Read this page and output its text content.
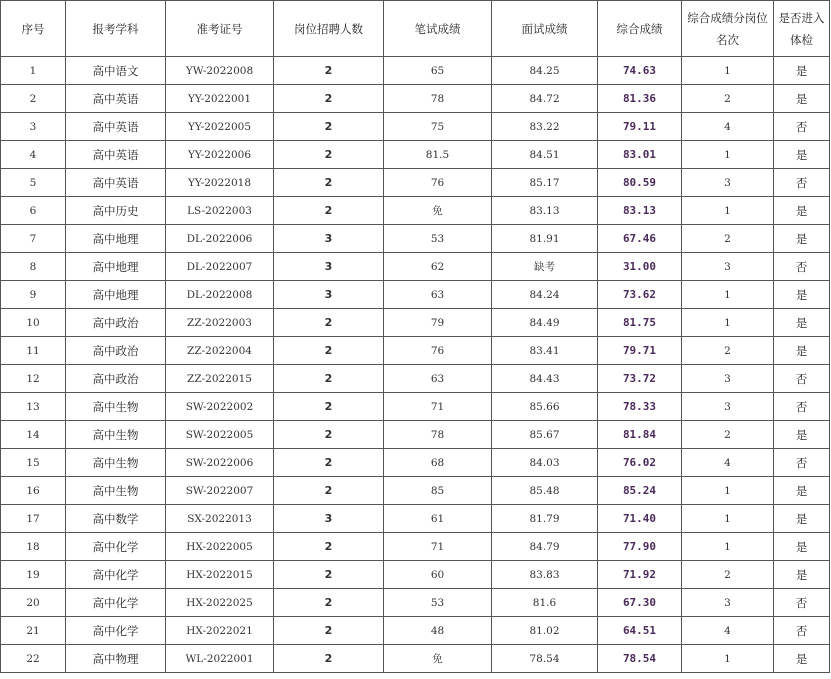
序号	报考学科	准考证号	岗位招聘人数	笔试成绩	面试成绩	综合成绩	综合成绩分岗位名次	是否进入体检
1	高中语文	YW-2022008	2	65	84.25	74.63	1	是
2	高中英语	YY-2022001	2	78	84.72	81.36	2	是
3	高中英语	YY-2022005	2	75	83.22	79.11	4	否
4	高中英语	YY-2022006	2	81.5	84.51	83.01	1	是
5	高中英语	YY-2022018	2	76	85.17	80.59	3	否
6	高中历史	LS-2022003	2	免	83.13	83.13	1	是
7	高中地理	DL-2022006	3	53	81.91	67.46	2	是
8	高中地理	DL-2022007	3	62	缺考	31.00	3	否
9	高中地理	DL-2022008	3	63	84.24	73.62	1	是
10	高中政治	ZZ-2022003	2	79	84.49	81.75	1	是
11	高中政治	ZZ-2022004	2	76	83.41	79.71	2	是
12	高中政治	ZZ-2022015	2	63	84.43	73.72	3	否
13	高中生物	SW-2022002	2	71	85.66	78.33	3	否
14	高中生物	SW-2022005	2	78	85.67	81.84	2	是
15	高中生物	SW-2022006	2	68	84.03	76.02	4	否
16	高中生物	SW-2022007	2	85	85.48	85.24	1	是
17	高中数学	SX-2022013	3	61	81.79	71.40	1	是
18	高中化学	HX-2022005	2	71	84.79	77.90	1	是
19	高中化学	HX-2022015	2	60	83.83	71.92	2	是
20	高中化学	HX-2022025	2	53	81.6	67.30	3	否
21	高中化学	HX-2022021	2	48	81.02	64.51	4	否
22	高中物理	WL-2022001	2	免	78.54	78.54	1	是
